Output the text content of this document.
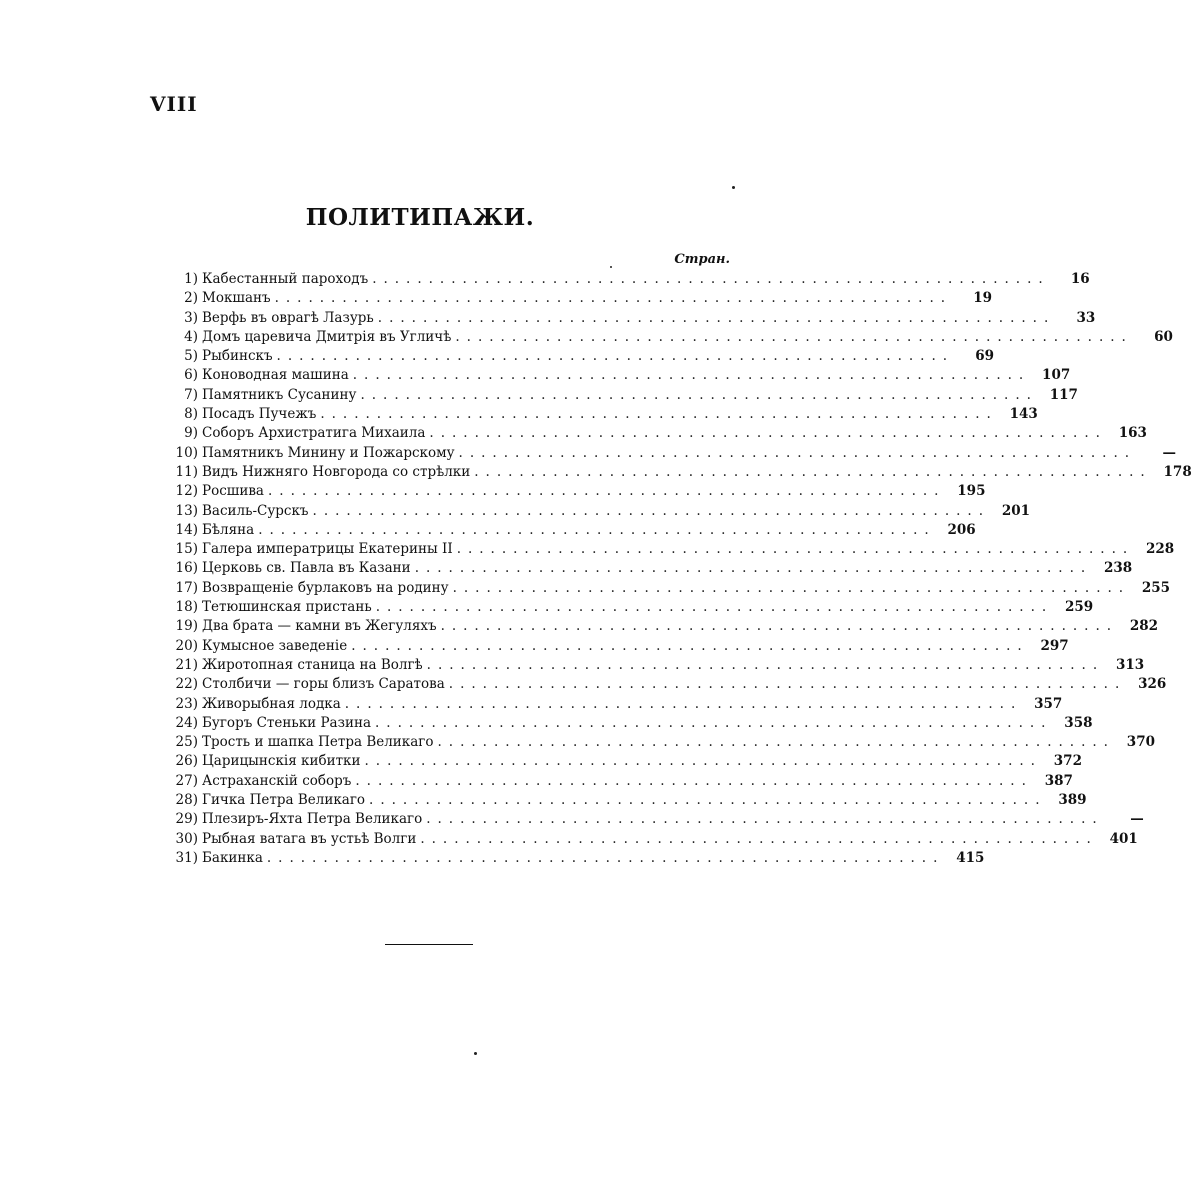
VIII
ПОЛИТИПАЖИ.
Стран.
1) Кабестанный пароходъ ............................................................	16
2) Мокшанъ ............................................................	19
3) Верфь въ оврагѣ Лазурь ............................................................	33
4) Домъ царевича Дмитрія въ Угличѣ ............................................................	60
5) Рыбинскъ ............................................................	69
6) Коноводная машина ............................................................ 107
7) Памятникъ Сусанину ............................................................ 117
8) Посадъ Пучежъ ............................................................ 143
9) Соборъ Архистратига Михаила ............................................................ 163
10) Памятникъ Минину и Пожарскому ............................................................	—
11) Видъ Нижняго Новгорода со стрѣлки ............................................................ 178
12) Росшива ............................................................ 195
13) Василь-Сурскъ ............................................................ 201
14) Бѣляна ............................................................ 206
15) Галера императрицы Екатерины II ............................................................ 228
16) Церковь св. Павла въ Казани ............................................................ 238
17) Возвращеніе бурлаковъ на родину ............................................................ 255
18) Тетюшинская пристань ............................................................ 259
19) Два брата — камни въ Жегуляхъ ............................................................ 282
20) Кумысное заведеніе ............................................................ 297
21) Жиротопная станица на Волгѣ ............................................................ 313
22) Столбичи — горы близъ Саратова ............................................................ 326
23) Живорыбная лодка ............................................................ 357
24) Бугоръ Стеньки Разина ............................................................ 358
25) Трость и шапка Петра Великаго ............................................................ 370
26) Царицынскія кибитки ............................................................ 372
27) Астраханскій соборъ ............................................................ 387
28) Гичка Петра Великаго ............................................................ 389
29) Плезиръ-Яхта Петра Великаго ............................................................	—
30) Рыбная ватага въ устьѣ Волги ............................................................ 401
31) Бакинка ............................................................ 415
